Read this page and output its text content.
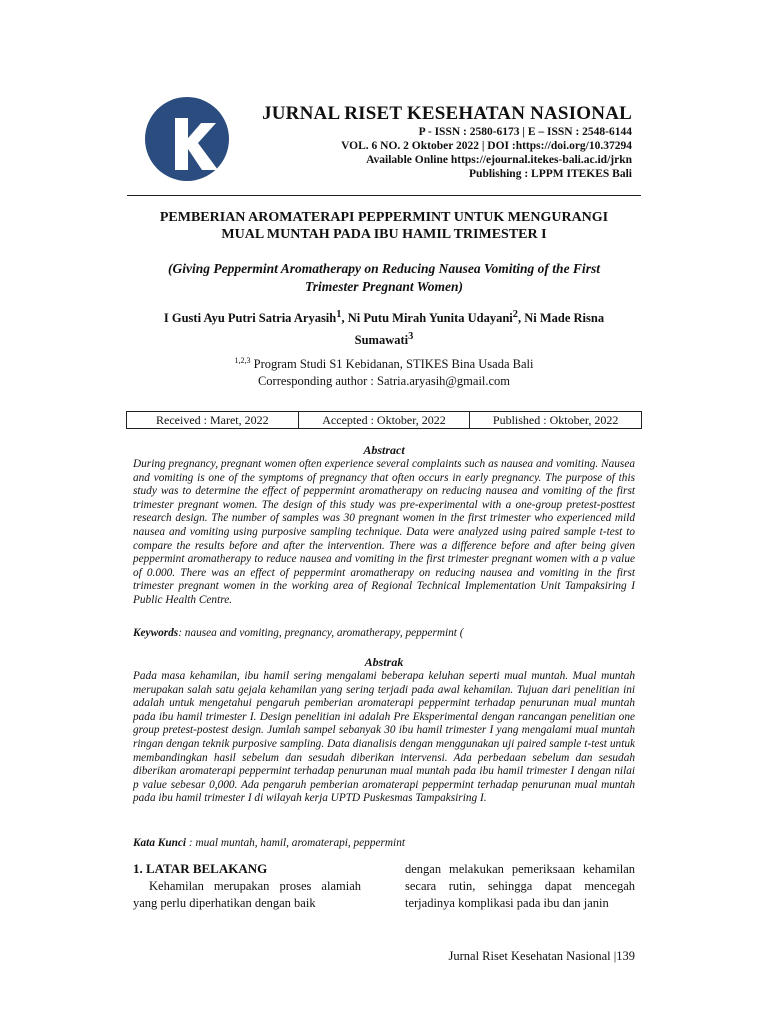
JURNAL RISET KESEHATAN NASIONAL
P - ISSN : 2580-6173 | E – ISSN : 2548-6144
VOL. 6 NO. 2 Oktober 2022 | DOI :https://doi.org/10.37294
Available Online https://ejournal.itekes-bali.ac.id/jrkn
Publishing : LPPM ITEKES Bali
PEMBERIAN AROMATERAPI PEPPERMINT UNTUK MENGURANGI
MUAL MUNTAH PADA IBU HAMIL TRIMESTER I
(Giving Peppermint Aromatherapy on Reducing Nausea Vomiting of the First
Trimester Pregnant Women)
I Gusti Ayu Putri Satria Aryasih$^1$, Ni Putu Mirah Yunita Udayani$^2$, Ni Made Risna
Sumawati$^3$
$^{1,2,3}$ Program Studi S1 Kebidanan, STIKES Bina Usada Bali
Corresponding author : Satria.aryasih@gmail.com
Received : Maret, 2022	Accepted : Oktober, 2022	Published : Oktober, 2022
Abstract
During pregnancy, pregnant women often experience several complaints such as nausea and vomiting. Nausea and vomiting is one of the symptoms of pregnancy that often occurs in early pregnancy. The purpose of this study was to determine the effect of peppermint aromatherapy on reducing nausea and vomiting of the first trimester pregnant women. The design of this study was pre-experimental with a one-group pretest-posttest research design. The number of samples was 30 pregnant women in the first trimester who experienced mild nausea and vomiting using purposive sampling technique. Data were analyzed using paired sample t-test to compare the results before and after the intervention. There was a difference before and after being given peppermint aromatherapy to reduce nausea and vomiting in the first trimester pregnant women with a p value of 0.000. There was an effect of peppermint aromatherapy on reducing nausea and vomiting in the first trimester pregnant women in the working area of Regional Technical Implementation Unit Tampaksiring I Public Health Centre.
Keywords: nausea and vomiting, pregnancy, aromatherapy, peppermint (
Abstrak
Pada masa kehamilan, ibu hamil sering mengalami beberapa keluhan seperti mual muntah. Mual muntah merupakan salah satu gejala kehamilan yang sering terjadi pada awal kehamilan. Tujuan dari penelitian ini adalah untuk mengetahui pengaruh pemberian aromaterapi peppermint terhadap penurunan mual muntah pada ibu hamil trimester I. Design penelitian ini adalah Pre Eksperimental dengan rancangan penelitian one group pretest-postest design. Jumlah sampel sebanyak 30 ibu hamil trimester I yang mengalami mual muntah ringan dengan teknik purposive sampling. Data dianalisis dengan menggunakan uji paired sample t-test untuk membandingkan hasil sebelum dan sesudah diberikan intervensi. Ada perbedaan sebelum dan sesudah diberikan aromaterapi peppermint terhadap penurunan mual muntah pada ibu hamil trimester I dengan nilai p value sebesar 0,000. Ada pengaruh pemberian aromaterapi peppermint terhadap penurunan mual muntah pada ibu hamil trimester I di wilayah kerja UPTD Puskesmas Tampaksiring I.
Kata Kunci : mual muntah, hamil, aromaterapi, peppermint
1. LATAR BELAKANG
Kehamilan merupakan proses alamiah yang perlu diperhatikan dengan baik
dengan melakukan pemeriksaan kehamilan secara rutin, sehingga dapat mencegah terjadinya komplikasi pada ibu dan janin
Jurnal Riset Kesehatan Nasional |139
